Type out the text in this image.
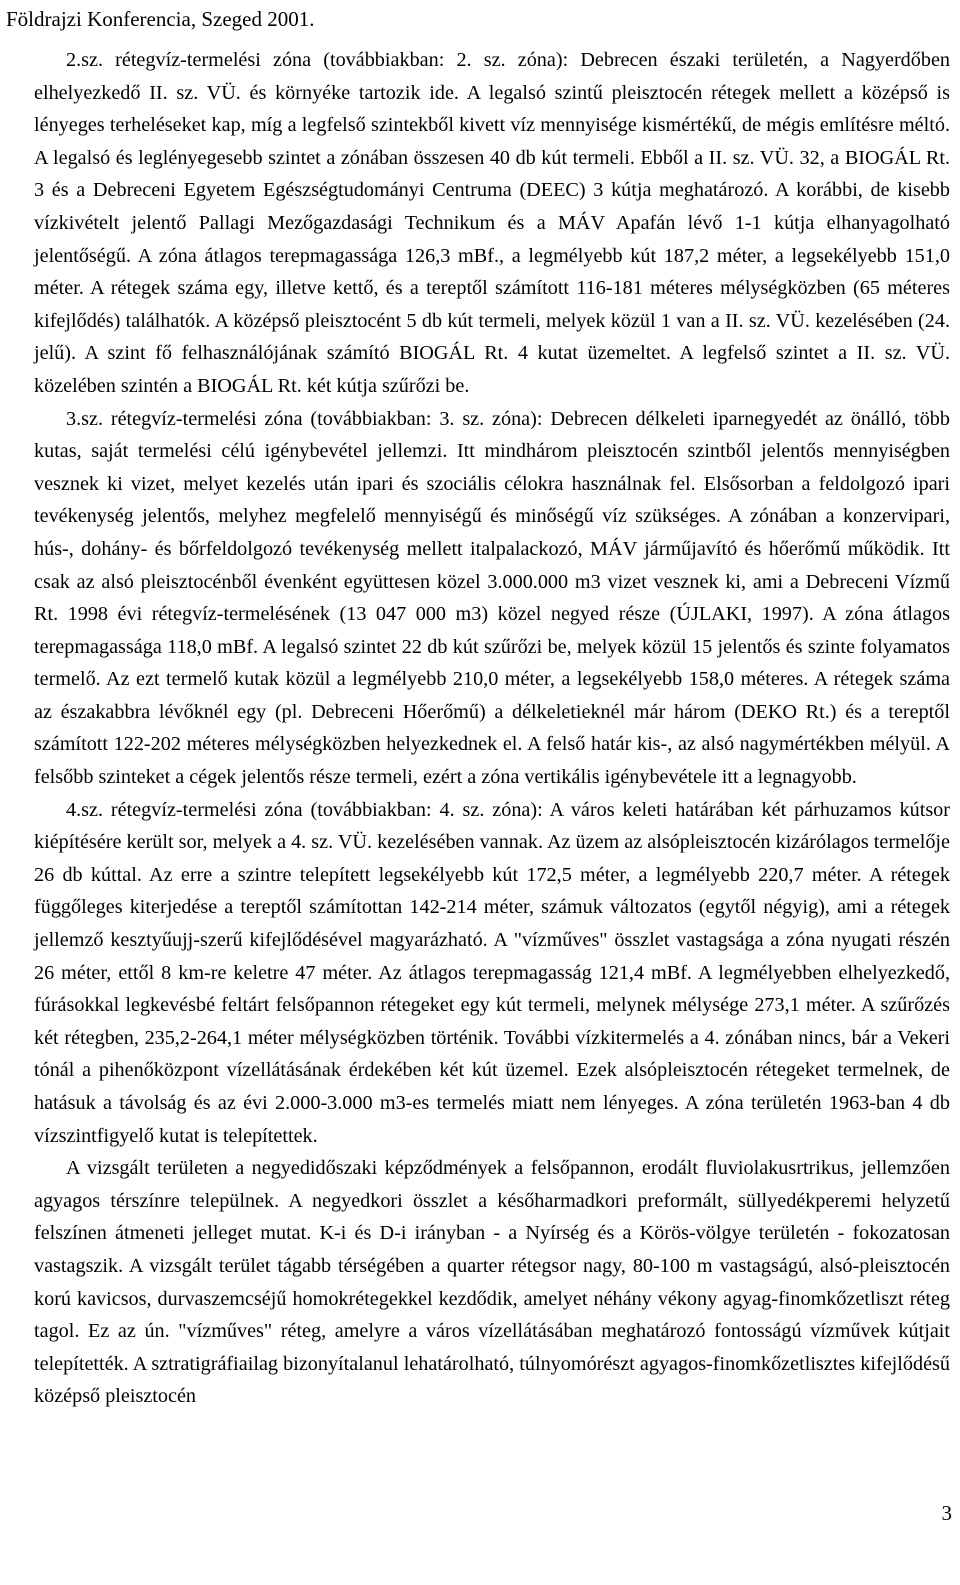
Földrajzi Konferencia, Szeged 2001.

2.sz. rétegvíz-termelési zóna (továbbiakban: 2. sz. zóna): Debrecen északi területén, a Nagyerdőben elhelyezkedő II. sz. VÜ. és környéke tartozik ide. A legalsó szintű pleisztocén rétegek mellett a középső is lényeges terheléseket kap, míg a legfelső szintekből kivett víz mennyisége kismértékű, de mégis említésre méltó. A legalsó és leglényegesebb szintet a zónában összesen 40 db kút termeli. Ebből a II. sz. VÜ. 32, a BIOGÁL Rt. 3 és a Debreceni Egyetem Egészségtudományi Centruma (DEEC) 3 kútja meghatározó. A korábbi, de kisebb vízkivételt jelentő Pallagi Mezőgazdasági Technikum és a MÁV Apafán lévő 1-1 kútja elhanyagolható jelentőségű. A zóna átlagos terepmagassága 126,3 mBf., a legmélyebb kút 187,2 méter, a legsekélyebb 151,0 méter. A rétegek száma egy, illetve kettő, és a tereptől számított 116-181 méteres mélységközben (65 méteres kifejlődés) találhatók. A középső pleisztocént 5 db kút termeli, melyek közül 1 van a II. sz. VÜ. kezelésében (24. jelű). A szint fő felhasználójának számító BIOGÁL Rt. 4 kutat üzemeltet. A legfelső szintet a II. sz. VÜ. közelében szintén a BIOGÁL Rt. két kútja szűrőzi be.

3.sz. rétegvíz-termelési zóna (továbbiakban: 3. sz. zóna): Debrecen délkeleti iparnegyedét az önálló, több kutas, saját termelési célú igénybevétel jellemzi. Itt mindhárom pleisztocén szintből jelentős mennyiségben vesznek ki vizet, melyet kezelés után ipari és szociális célokra használnak fel. Elsősorban a feldolgozó ipari tevékenység jelentős, melyhez megfelelő mennyiségű és minőségű víz szükséges. A zónában a konzervipari, hús-, dohány- és bőrfeldolgozó tevékenység mellett italpalackozó, MÁV járműjavító és hőerőmű működik. Itt csak az alsó pleisztocénből évenként együttesen közel 3.000.000 m3 vizet vesznek ki, ami a Debreceni Vízmű Rt. 1998 évi rétegvíz-termelésének (13 047 000 m3) közel negyed része (ÚJLAKI, 1997). A zóna átlagos terepmagassága 118,0 mBf. A legalsó szintet 22 db kút szűrőzi be, melyek közül 15 jelentős és szinte folyamatos termelő. Az ezt termelő kutak közül a legmélyebb 210,0 méter, a legsekélyebb 158,0 méteres. A rétegek száma az északabbra lévőknél egy (pl. Debreceni Hőerőmű) a délkeletieknél már három (DEKO Rt.) és a tereptől számított 122-202 méteres mélységközben helyezkednek el. A felső határ kis-, az alsó nagymértékben mélyül. A felsőbb szinteket a cégek jelentős része termeli, ezért a zóna vertikális igénybevétele itt a legnagyobb.

4.sz. rétegvíz-termelési zóna (továbbiakban: 4. sz. zóna): A város keleti határában két párhuzamos kútsor kiépítésére került sor, melyek a 4. sz. VÜ. kezelésében vannak. Az üzem az alsópleisztocén kizárólagos termelője 26 db kúttal. Az erre a szintre telepített legsekélyebb kút 172,5 méter, a legmélyebb 220,7 méter. A rétegek függőleges kiterjedése a tereptől számítottan 142-214 méter, számuk változatos (egytől négyig), ami a rétegek jellemző kesztyűujj-szerű kifejlődésével magyarázható. A "vízműves" összlet vastagsága a zóna nyugati részén 26 méter, ettől 8 km-re keletre 47 méter. Az átlagos terepmagasság 121,4 mBf. A legmélyebben elhelyezkedő, fúrásokkal legkevésbé feltárt felsőpannon rétegeket egy kút termeli, melynek mélysége 273,1 méter. A szűrőzés két rétegben, 235,2-264,1 méter mélységközben történik. További vízkitermelés a 4. zónában nincs, bár a Vekeri tónál a pihenőközpont vízellátásának érdekében két kút üzemel. Ezek alsópleisztocén rétegeket termelnek, de hatásuk a távolság és az évi 2.000-3.000 m3-es termelés miatt nem lényeges. A zóna területén 1963-ban 4 db vízszintfigyelő kutat is telepítettek.

A vizsgált területen a negyedidőszaki képződmények a felsőpannon, erodált fluviolakusrtrikus, jellemzően agyagos térszínre települnek. A negyedkori összlet a későharmadkori preformált, süllyedékperemi helyzetű felszínen átmeneti jelleget mutat. K-i és D-i irányban - a Nyírség és a Körös-völgye területén - fokozatosan vastagszik. A vizsgált terület tágabb térségében a quarter rétegsor nagy, 80-100 m vastagságú, alsó-pleisztocén korú kavicsos, durvaszemcséjű homokrétegekkel kezdődik, amelyet néhány vékony agyag-finomkőzetliszt réteg tagol. Ez az ún. "vízműves" réteg, amelyre a város vízellátásában meghatározó fontosságú vízművek kútjait telepítették. A sztratigráfiailag bizonyítalanul lehatárolható, túlnyomórészt agyagos-finomkőzetlisztes kifejlődésű középső pleisztocén

3
